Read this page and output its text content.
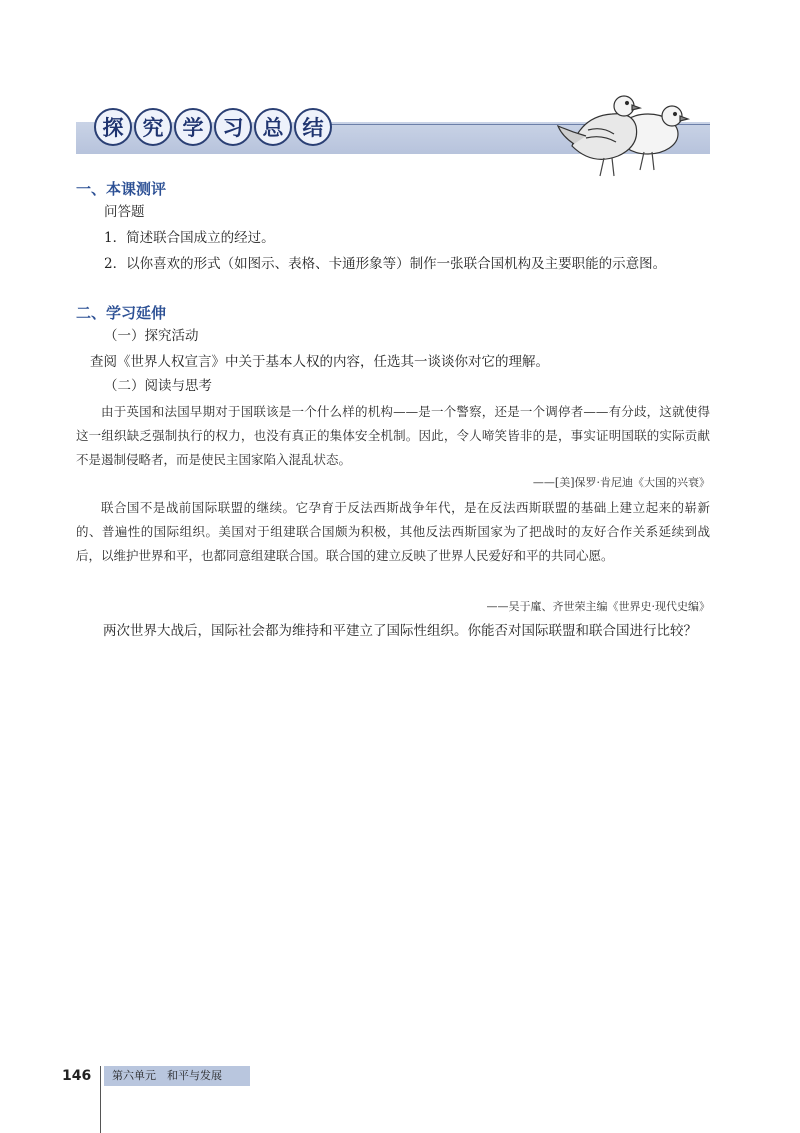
探 究 学 习 总 结
一、本课测评
问答题
1．简述联合国成立的经过。
2．以你喜欢的形式（如图示、表格、卡通形象等）制作一张联合国机构及主要职能的示意图。
二、学习延伸
（一）探究活动
查阅《世界人权宣言》中关于基本人权的内容，任选其一谈谈你对它的理解。
（二）阅读与思考
由于英国和法国早期对于国联该是一个什么样的机构——是一个警察，还是一个调停者——有分歧，这就使得这一组织缺乏强制执行的权力，也没有真正的集体安全机制。因此，令人啼笑皆非的是，事实证明国联的实际贡献不是遏制侵略者，而是使民主国家陷入混乱状态。
——[美]保罗·肯尼迪《大国的兴衰》
联合国不是战前国际联盟的继续。它孕育于反法西斯战争年代，是在反法西斯联盟的基础上建立起来的崭新的、普遍性的国际组织。美国对于组建联合国颇为积极，其他反法西斯国家为了把战时的友好合作关系延续到战后，以维护世界和平，也都同意组建联合国。联合国的建立反映了世界人民爱好和平的共同心愿。
——吴于廑、齐世荣主编《世界史·现代史编》
两次世界大战后，国际社会都为维持和平建立了国际性组织。你能否对国际联盟和联合国进行比较？
146	第六单元　和平与发展
